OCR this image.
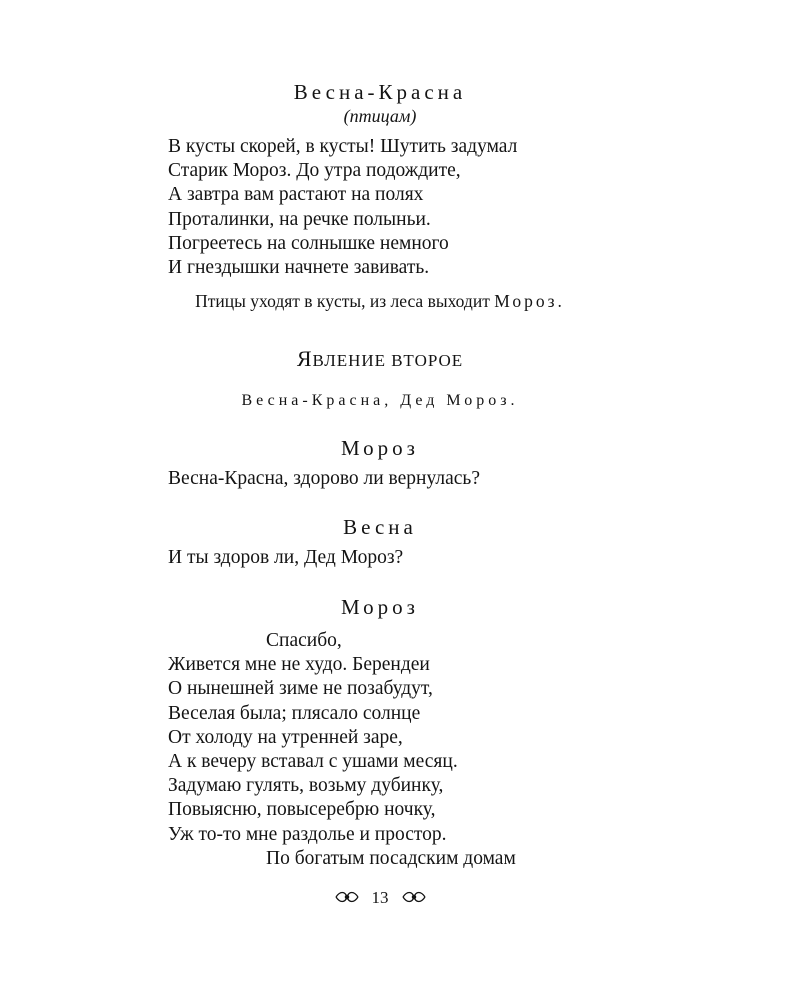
Весна-Красна
(птицам)
В кусты скорей, в кусты! Шутить задумал
Старик Мороз. До утра подождите,
А завтра вам растают на полях
Проталинки, на речке полыньи.
Погреетесь на солнышке немного
И гнездышки начнете завивать.
Птицы уходят в кусты, из леса выходит Мороз.
ЯВЛЕНИЕ ВТОРОЕ
Весна-Красна, Дед Мороз.
Мороз
Весна-Красна, здорово ли вернулась?
Весна
И ты здоров ли, Дед Мороз?
Мороз
Спасибо,
Живется мне не худо. Берендеи
О нынешней зиме не позабудут,
Веселая была; плясало солнце
От холоду на утренней заре,
А к вечеру вставал с ушами месяц.
Задумаю гулять, возьму дубинку,
Повыясню, повысеребрю ночку,
Уж то-то мне раздолье и простор.
По богатым посадским домам
13
